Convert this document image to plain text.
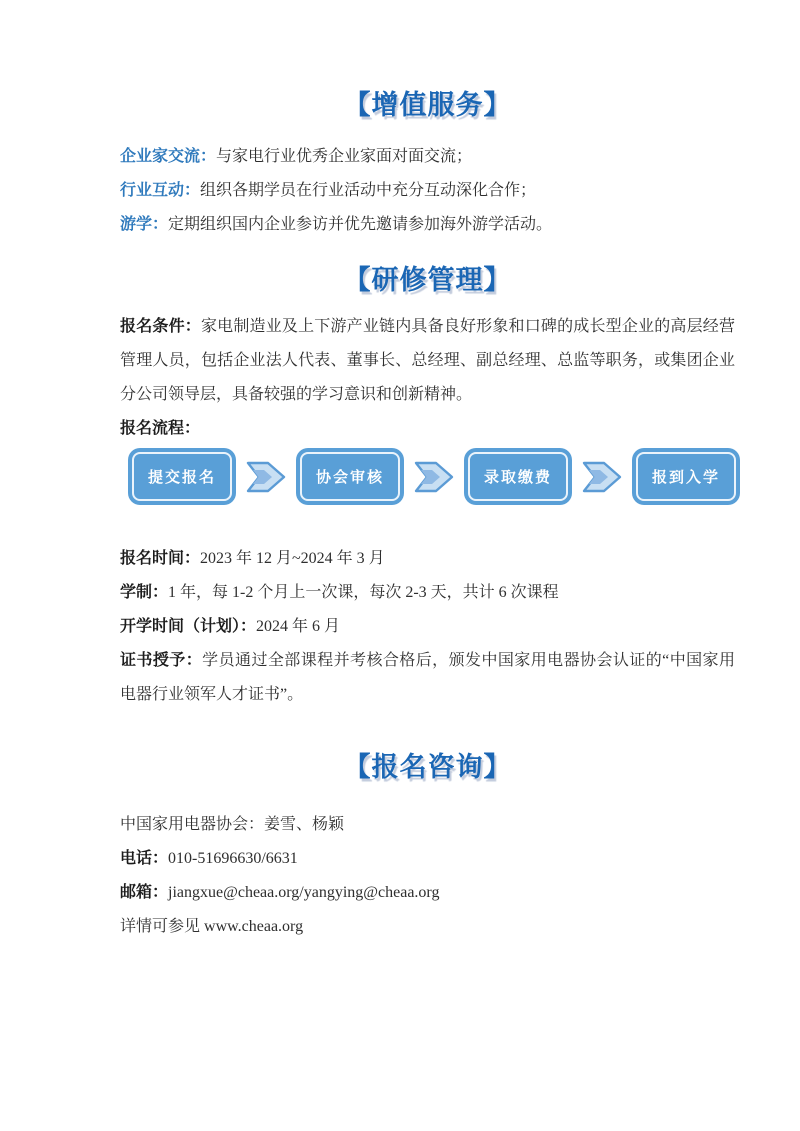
【增值服务】
企业家交流：与家电行业优秀企业家面对面交流；
行业互动：组织各期学员在行业活动中充分互动深化合作；
游学：定期组织国内企业参访并优先邀请参加海外游学活动。
【研修管理】

报名条件：家电制造业及上下游产业链内具备良好形象和口碑的成长型企业的高层经营管理人员，包括企业法人代表、董事长、总经理、副总经理、总监等职务，或集团企业分公司领导层，具备较强的学习意识和创新精神。

报名流程：

提交报名	协会审核	录取缴费	报到入学

报名时间：2023 年 12 月~2024 年 3 月

学制：1 年，每 1-2 个月上一次课，每次 2-3 天，共计 6 次课程

开学时间（计划）：2024 年 6 月

证书授予：学员通过全部课程并考核合格后，颁发中国家用电器协会认证的“中国家用电器行业领军人才证书”。

【报名咨询】

中国家用电器协会：姜雪、杨颖

电话：010-51696630/6631

邮箱：jiangxue@cheaa.org/yangying@cheaa.org

详情可参见 www.cheaa.org
